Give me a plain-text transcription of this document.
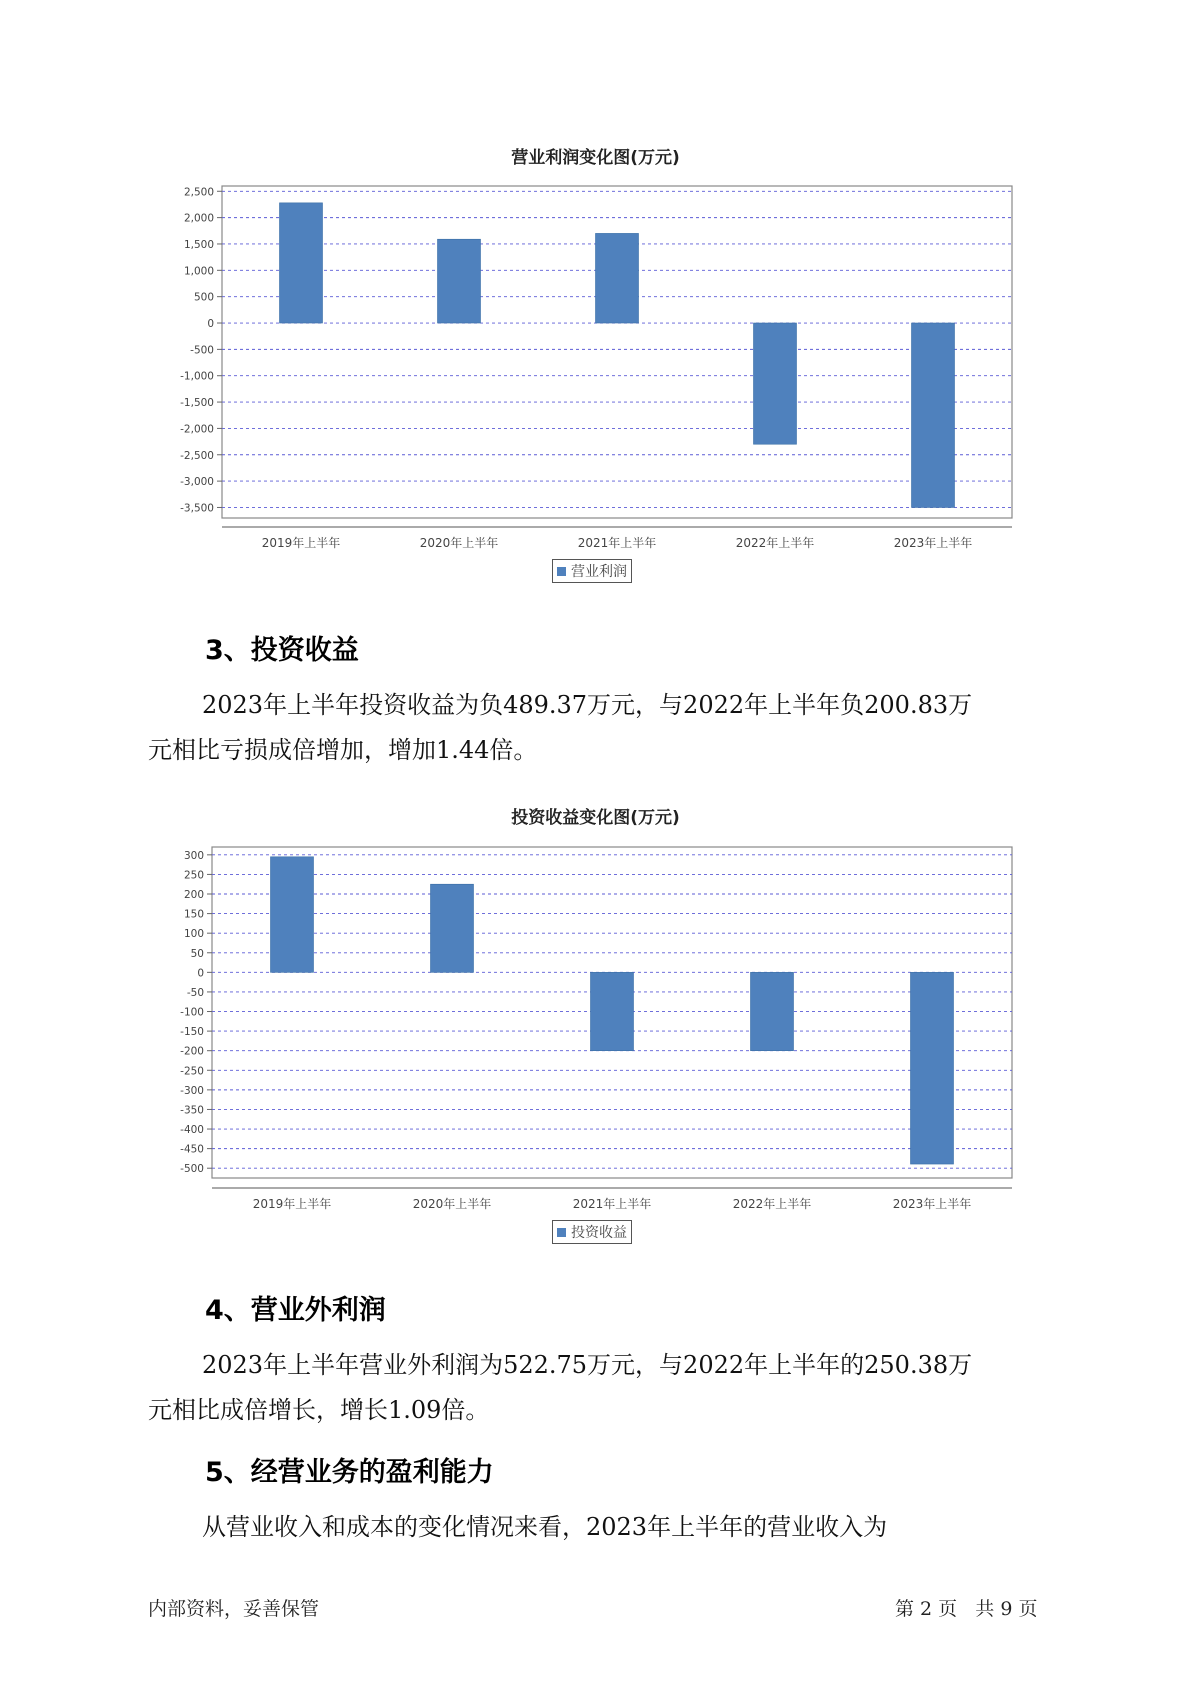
营业利润变化图(万元)
2,500
2,000
1,500
1,000
500
0
-500
-1,000
-1,500
-2,000
-2,500
-3,000
-3,500
2019年上半年	2020年上半年	2021年上半年	2022年上半年	2023年上半年
营业利润
3、投资收益
2023年上半年投资收益为负489.37万元，与2022年上半年负200.83万
元相比亏损成倍增加，增加1.44倍。
投资收益变化图(万元)
300
250
200
150
100
50
0
-50
-100
-150
-200
-250
-300
-350
-400
-450
-500
2019年上半年	2020年上半年	2021年上半年	2022年上半年	2023年上半年
投资收益
4、营业外利润
2023年上半年营业外利润为522.75万元，与2022年上半年的250.38万
元相比成倍增长，增长1.09倍。
5、经营业务的盈利能力
从营业收入和成本的变化情况来看，2023年上半年的营业收入为
内部资料，妥善保管	第 2 页   共 9 页
